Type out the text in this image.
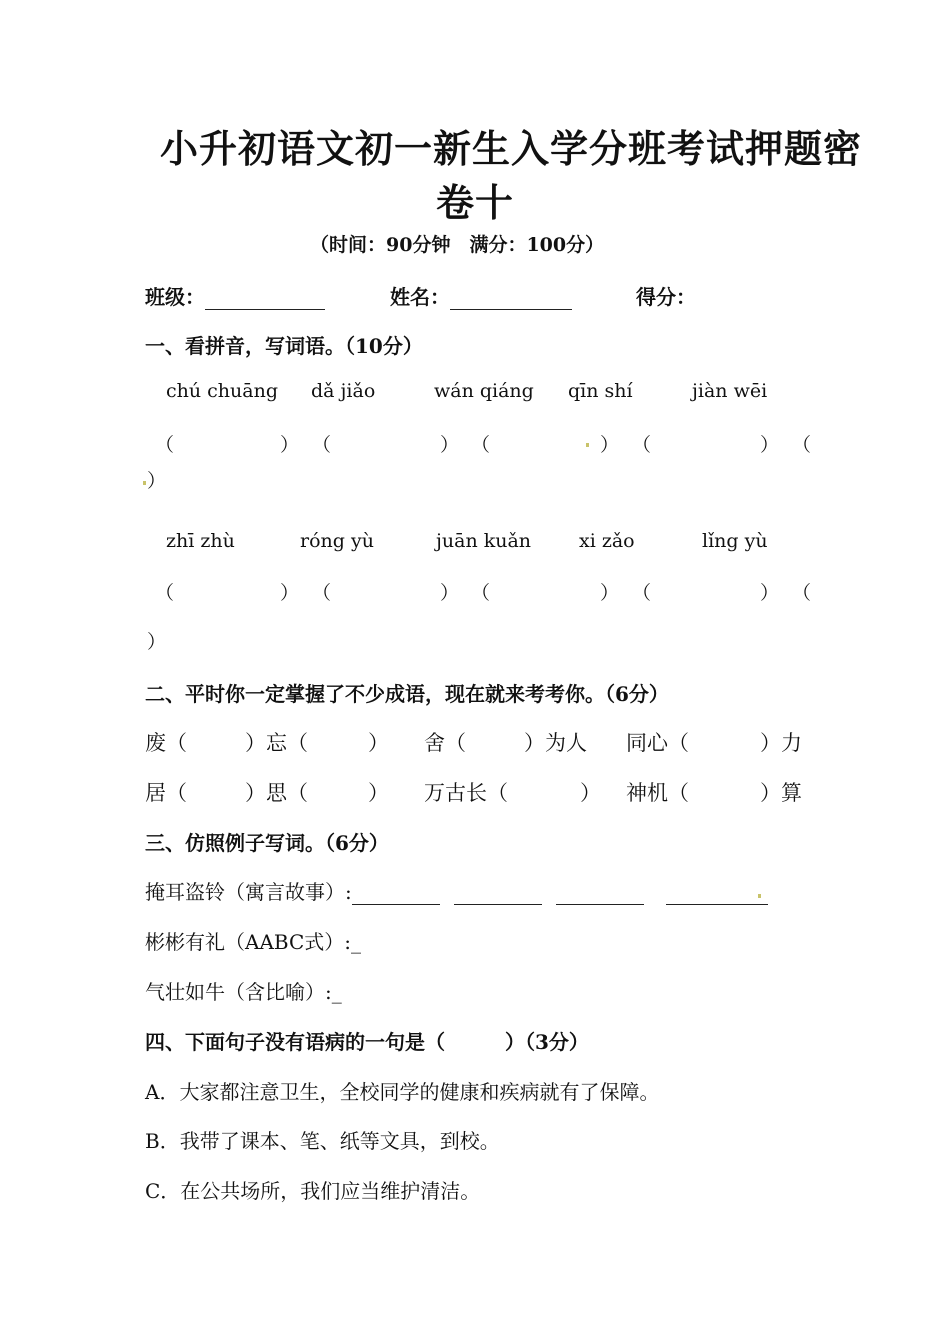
小升初语文初一新生入学分班考试押题密
卷十
（时间：90分钟　满分：100分）
班级：	姓名：	得分：
一、看拼音，写词语。（10分）
chú chuāng dǎ jiǎo	wán qiáng qīn shí	jiàn wēi
（	） （	） （	） （	） （
）
zhī zhù	róng yù	juān kuǎn	xi zǎo	lǐng yù
（	） （	） （	） （	） （
）
二、平时你一定掌握了不少成语，现在就来考考你。（6分）
废（	）忘（	） 舍（	）为人 同心（	）力
居（	）思（	） 万古长（	） 神机（	）算
三、仿照例子写词。（6分）
掩耳盗铃（寓言故事）:
彬彬有礼（AABC式）:_
气壮如牛（含比喻）:_
四、下面句子没有语病的一句是（　　　）（3分）
A．大家都注意卫生，全校同学的健康和疾病就有了保障。
B．我带了课本、笔、纸等文具，到校。
C．在公共场所，我们应当维护清洁。
